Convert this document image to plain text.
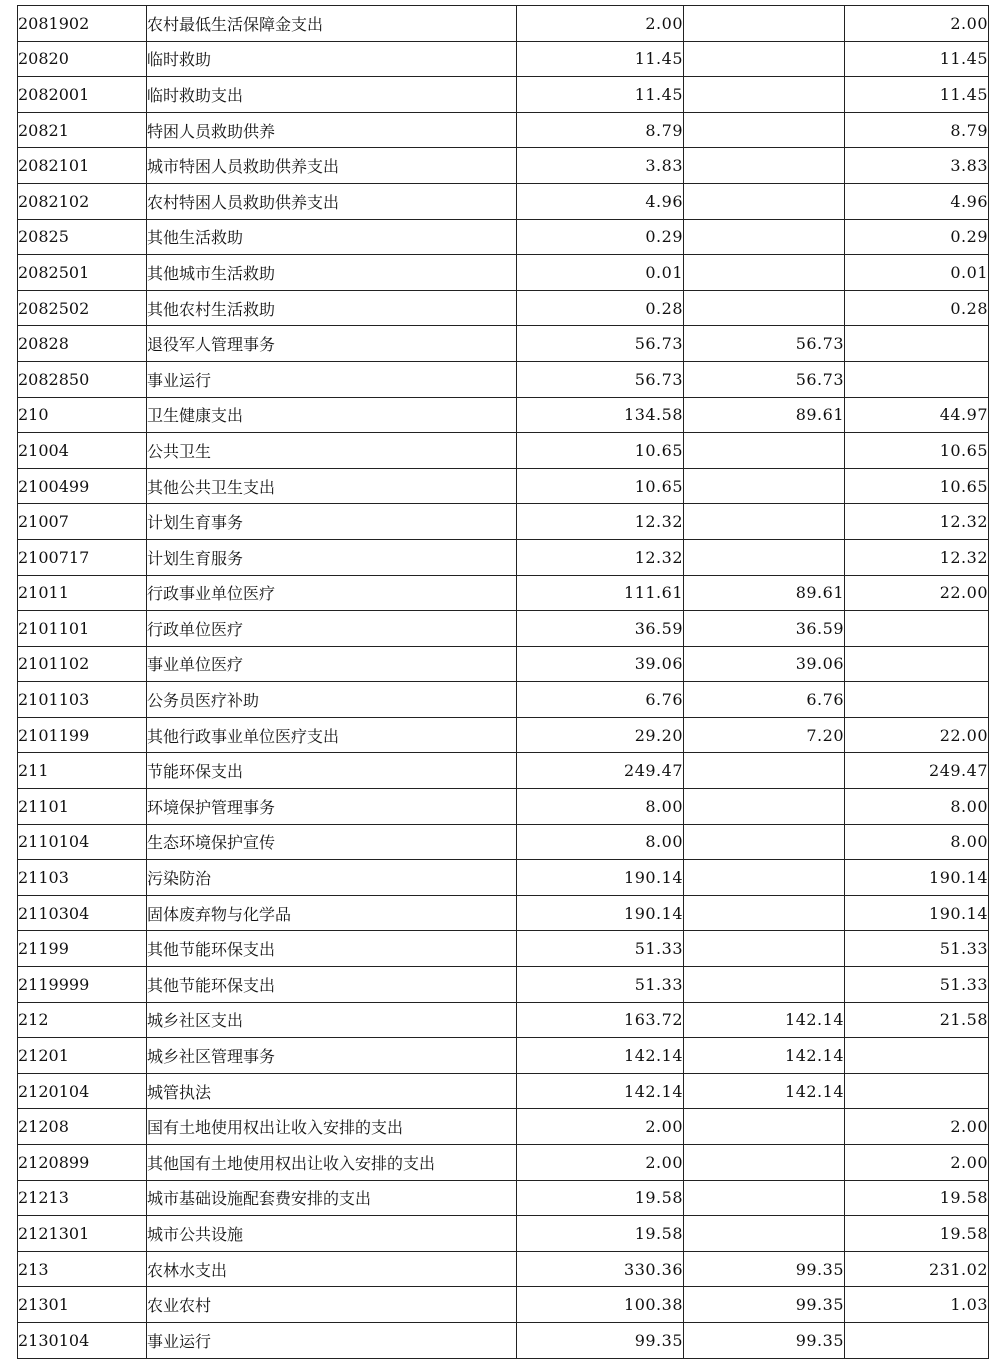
2081902	农村最低生活保障金支出	2.00		2.00
20820	临时救助	11.45		11.45
2082001	临时救助支出	11.45		11.45
20821	特困人员救助供养	8.79		8.79
2082101	城市特困人员救助供养支出	3.83		3.83
2082102	农村特困人员救助供养支出	4.96		4.96
20825	其他生活救助	0.29		0.29
2082501	其他城市生活救助	0.01		0.01
2082502	其他农村生活救助	0.28		0.28
20828	退役军人管理事务	56.73	56.73	
2082850	事业运行	56.73	56.73	
210	卫生健康支出	134.58	89.61	44.97
21004	公共卫生	10.65		10.65
2100499	其他公共卫生支出	10.65		10.65
21007	计划生育事务	12.32		12.32
2100717	计划生育服务	12.32		12.32
21011	行政事业单位医疗	111.61	89.61	22.00
2101101	行政单位医疗	36.59	36.59	
2101102	事业单位医疗	39.06	39.06	
2101103	公务员医疗补助	6.76	6.76	
2101199	其他行政事业单位医疗支出	29.20	7.20	22.00
211	节能环保支出	249.47		249.47
21101	环境保护管理事务	8.00		8.00
2110104	生态环境保护宣传	8.00		8.00
21103	污染防治	190.14		190.14
2110304	固体废弃物与化学品	190.14		190.14
21199	其他节能环保支出	51.33		51.33
2119999	其他节能环保支出	51.33		51.33
212	城乡社区支出	163.72	142.14	21.58
21201	城乡社区管理事务	142.14	142.14	
2120104	城管执法	142.14	142.14	
21208	国有土地使用权出让收入安排的支出	2.00		2.00
2120899	其他国有土地使用权出让收入安排的支出	2.00		2.00
21213	城市基础设施配套费安排的支出	19.58		19.58
2121301	城市公共设施	19.58		19.58
213	农林水支出	330.36	99.35	231.02
21301	农业农村	100.38	99.35	1.03
2130104	事业运行	99.35	99.35	
